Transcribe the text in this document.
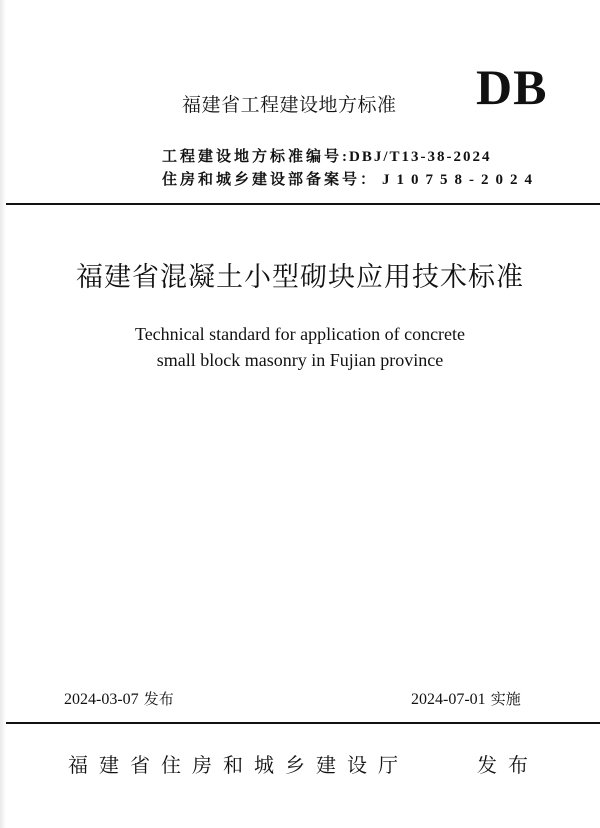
福建省工程建设地方标准 DB
工程建设地方标准编号:DBJ/T13-38-2024
住房和城乡建设部备案号：J10758-2024
福建省混凝土小型砌块应用技术标准
Technical standard for application of concrete
small block masonry in Fujian province
2024-03-07 发布	2024-07-01 实施
福建省住房和城乡建设厅	发布
